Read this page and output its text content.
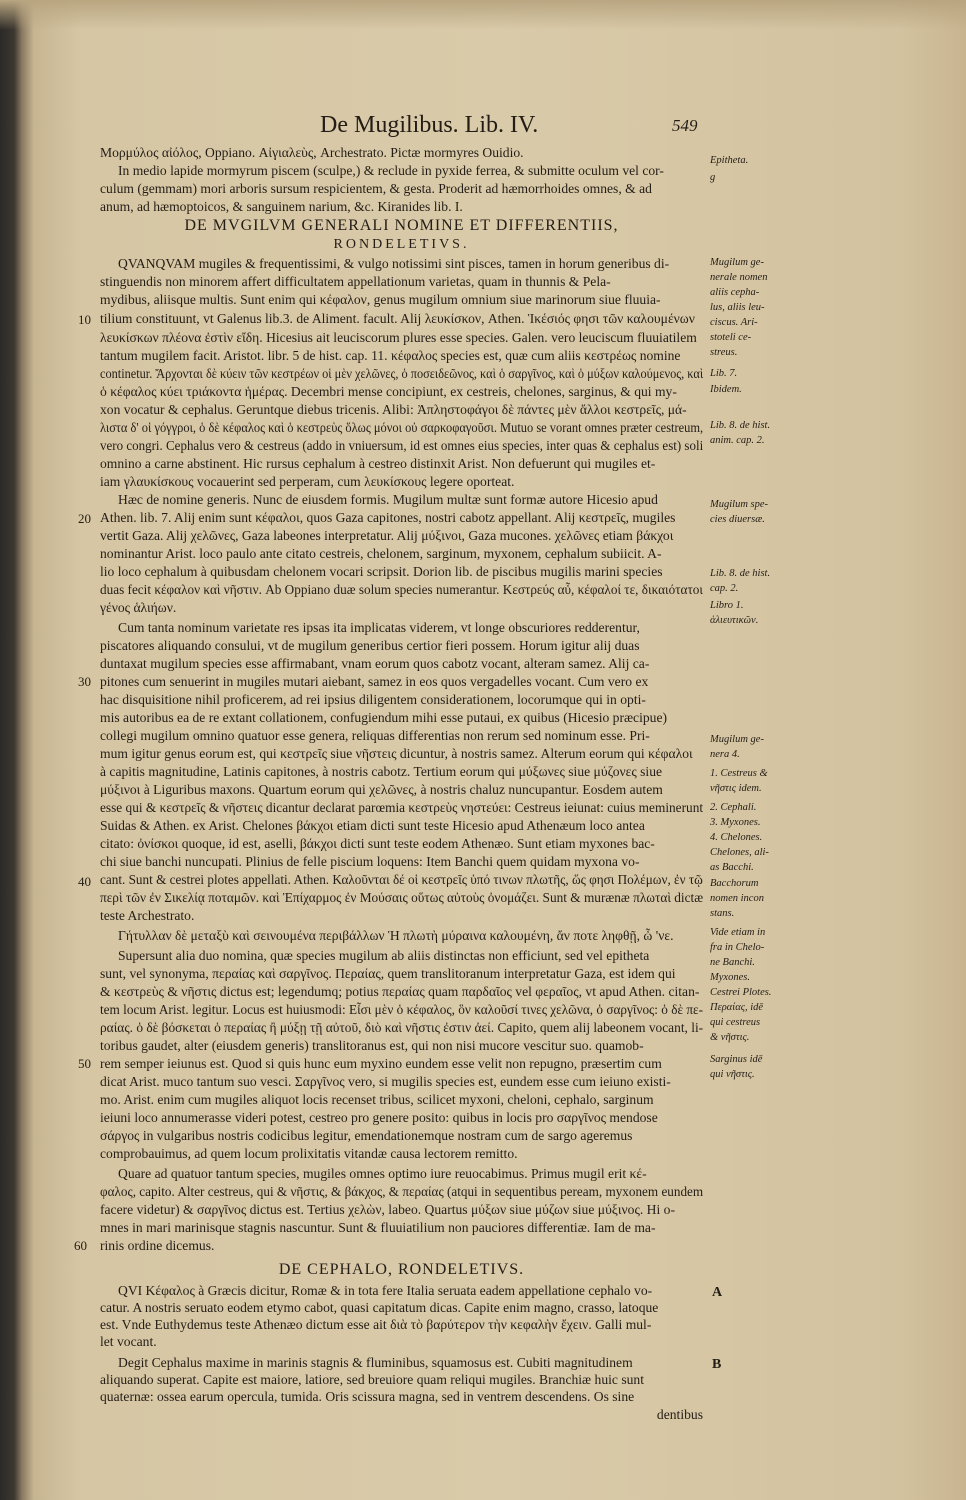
De Mugilibus. Lib. IV.	549
Μορμύλος αἰόλος, Oppiano. Αἰγιαλεὺς, Archestrato. Pictæ mormyres Ouidio.
In medio lapide mormyrum piscem (sculpe,) & reclude in pyxide ferrea, & submitte oculum vel cor-
culum (gemmam) mori arboris sursum respicientem, & gesta. Proderit ad hæmorrhoides omnes, & ad
anum, ad hæmoptoicos, & sanguinem narium, &c. Kiranides lib. I.
DE MVGILVM GENERALI NOMINE ET DIFFERENTIIS,
RONDELETIVS.
QVANQVAM mugiles & frequentissimi, & vulgo notissimi sint pisces, tamen in horum generibus di-
stinguendis non minorem affert difficultatem appellationum varietas, quam in thunnis & Pela-
mydibus, aliisque multis. Sunt enim qui κέφαλον, genus mugilum omnium siue marinorum siue fluuia-
tilium constituunt, vt Galenus lib.3. de Aliment. facult. Alij λευκίσκον, Athen. Ἱκέσιός φησι τῶν καλουμένων
λευκίσκων πλέονα ἐστὶν εἴδη. Hicesius ait leuciscorum plures esse species. Galen. vero leuciscum fluuiatilem
tantum mugilem facit. Aristot. libr. 5 de hist. cap. 11. κέφαλος species est, quæ cum aliis κεστρέως nomine
continetur. Ἄρχονται δὲ κύειν τῶν κεστρέων οἱ μὲν χελῶνες, ὁ ποσειδεῶνος, καὶ ὁ σαργῖνος, καὶ ὁ μύξων καλούμενος, καὶ
ὁ κέφαλος κύει τριάκοντα ἡμέρας. Decembri mense concipiunt, ex cestreis, chelones, sarginus, & qui my-
xon vocatur & cephalus. Geruntque diebus tricenis. Alibi: Ἀπληστοφάγοι δὲ πάντες μὲν ἄλλοι κεστρεῖς, μά-
λιστα δ' οἱ γόγγροι, ὁ δὲ κέφαλος καὶ ὁ κεστρεὺς ὅλως μόνοι οὐ σαρκοφαγοῦσι. Mutuo se vorant omnes præter cestreum,
vero congri. Cephalus vero & cestreus (addo in vniuersum, id est omnes eius species, inter quas & cephalus est) soli
omnino a carne abstinent. Hic rursus cephalum à cestreo distinxit Arist. Non defuerunt qui mugiles et-
iam γλαυκίσκους vocauerint sed perperam, cum λευκίσκους legere oporteat.
Hæc de nomine generis. Nunc de eiusdem formis. Mugilum multæ sunt formæ autore Hicesio apud
Athen. lib. 7. Alij enim sunt κέφαλοι, quos Gaza capitones, nostri cabotz appellant. Alij κεστρεῖς, mugiles
vertit Gaza. Alij χελῶνες, Gaza labeones interpretatur. Alij μύξινοι, Gaza mucones. χελῶνες etiam βάκχοι
nominantur Arist. loco paulo ante citato cestreis, chelonem, sarginum, myxonem, cephalum subiicit. A-
lio loco cephalum à quibusdam chelonem vocari scripsit. Dorion lib. de piscibus mugilis marini species
duas fecit κέφαλον καὶ νῆστιν. Ab Oppiano duæ solum species numerantur. Κεστρεύς αὖ, κέφαλοί τε, δικαιότατοι
γένος ἁλιήων.
Cum tanta nominum varietate res ipsas ita implicatas viderem, vt longe obscuriores redderentur,
piscatores aliquando consului, vt de mugilum generibus certior fieri possem. Horum igitur alij duas
duntaxat mugilum species esse affirmabant, vnam eorum quos cabotz vocant, alteram samez. Alij ca-
pitones cum senuerint in mugiles mutari aiebant, samez in eos quos vergadelles vocant. Cum vero ex
hac disquisitione nihil proficerem, ad rei ipsius diligentem considerationem, locorumque qui in opti-
mis autoribus ea de re extant collationem, confugiendum mihi esse putaui, ex quibus (Hicesio præcipue)
collegi mugilum omnino quatuor esse genera, reliquas differentias non rerum sed nominum esse. Pri-
mum igitur genus eorum est, qui κεστρεῖς siue νῆστεις dicuntur, à nostris samez. Alterum eorum qui κέφαλοι
à capitis magnitudine, Latinis capitones, à nostris cabotz. Tertium eorum qui μύξωνες siue μύζονες siue
μύξινοι à Liguribus maxons. Quartum eorum qui χελῶνες, à nostris chaluz nuncupantur. Eosdem autem
esse qui & κεστρεῖς & νῆστεις dicantur declarat parœmia κεστρεὺς νηστεύει: Cestreus ieiunat: cuius meminerunt
Suidas & Athen. ex Arist. Chelones βάκχοι etiam dicti sunt teste Hicesio apud Athenæum loco antea
citato: ὀνίσκοι quoque, id est, aselli, βάκχοι dicti sunt teste eodem Athenæo. Sunt etiam myxones bac-
chi siue banchi nuncupati. Plinius de felle piscium loquens: Item Banchi quem quidam myxona vo-
cant. Sunt & cestrei plotes appellati. Athen. Καλοῦνται δέ οἱ κεστρεῖς ὑπό τινων πλωτῆς, ὥς φησι Πολέμων, ἐν τῷ
περὶ τῶν ἐν Σικελίᾳ ποταμῶν. καὶ Ἐπίχαρμος ἐν Μούσαις οὕτως αὐτοὺς ὀνομάζει. Sunt & murænæ πλωταὶ dictæ
teste Archestrato.
Γήτυλλαν δὲ μεταξὺ καὶ σεινουμένα περιβάλλων Ἡ πλωτὴ μύραινα καλουμένη, ἄν ποτε ληφθῇ, ὦ 'νε.
Supersunt alia duo nomina, quæ species mugilum ab aliis distinctas non efficiunt, sed vel epitheta
sunt, vel synonyma, περαίας καὶ σαργῖνος. Περαίας, quem translitoranum interpretatur Gaza, est idem qui
& κεστρεὺς & νῆστις dictus est; legendumq; potius περαίας quam παρδαῖος vel φεραῖος, vt apud Athen. citan-
tem locum Arist. legitur. Locus est huiusmodi: Εἶσι μὲν ὁ κέφαλος, ὃν καλοῦσί τινες χελῶνα, ὁ σαργῖνος: ὁ δὲ πε-
ραίας. ὁ δὲ βόσκεται ὁ περαίας ἢ μύξῃ τῇ αὐτοῦ, διὸ καὶ νῆστις ἐστιν ἀεί. Capito, quem alij labeonem vocant, li-
toribus gaudet, alter (eiusdem generis) translitoranus est, qui non nisi mucore vescitur suo. quamob-
rem semper ieiunus est. Quod si quis hunc eum myxino eundem esse velit non repugno, præsertim cum
dicat Arist. muco tantum suo vesci. Σαργῖνος vero, si mugilis species est, eundem esse cum ieiuno existi-
mo. Arist. enim cum mugiles aliquot locis recenset tribus, scilicet myxoni, cheloni, cephalo, sarginum
ieiuni loco annumerasse videri potest, cestreo pro genere posito: quibus in locis pro σαργῖνος mendose
σάργος in vulgaribus nostris codicibus legitur, emendationemque nostram cum de sargo ageremus
comprobauimus, ad quem locum prolixitatis vitandæ causa lectorem remitto.
Quare ad quatuor tantum species, mugiles omnes optimo iure reuocabimus. Primus mugil erit κέ-
φαλος, capito. Alter cestreus, qui & νῆστις, & βάκχος, & περαίας (atqui in sequentibus peream, myxonem eundem
facere videtur) & σαργῖνος dictus est. Tertius χελὼν, labeo. Quartus μύξων siue μύζων siue μύξινος. Hi o-
mnes in mari marinisque stagnis nascuntur. Sunt & fluuiatilium non pauciores differentiæ. Iam de ma-
rinis ordine dicemus.
DE CEPHALO, RONDELETIVS.
QVI Κέφαλος à Græcis dicitur, Romæ & in tota fere Italia seruata eadem appellatione cephalo vo-
catur. A nostris seruato eodem etymo cabot, quasi capitatum dicas. Capite enim magno, crasso, latoque
est. Vnde Euthydemus teste Athenæo dictum esse ait διὰ τὸ βαρύτερον τὴν κεφαλὴν ἔχειν. Galli mul-
let vocant.
Degit Cephalus maxime in marinis stagnis & fluminibus, squamosus est. Cubiti magnitudinem
aliquando superat. Capite est maiore, latiore, sed breuiore quam reliqui mugiles. Branchiæ huic sunt
quaternæ: ossea earum opercula, tumida. Oris scissura magna, sed in ventrem descendens. Os sine
dentibus
10
20
30
40
50
60
Epitheta.
g
Mugilum ge-
nerale nomen
aliis cepha-
lus, aliis leu-
ciscus. Ari-
stoteli ce-
streus.
Lib. 7.
Ibidem.
Lib. 8. de hist.
anim. cap. 2.
Mugilum spe-
cies diuersæ.
Lib. 8. de hist.
cap. 2.
Libro 1.
ἁλιευτικῶν.
Mugilum ge-
nera 4.
1. Cestreus &
νῆστις idem.
2. Cephali.
3. Myxones.
4. Chelones.
Chelones, ali-
as Bacchi.
Bacchorum
nomen incon
stans.
Vide etiam in
fra in Chelo-
ne Banchi.
Myxones.
Cestrei Plotes.
Περαίας, idē
qui cestreus
& νῆστις.
Sarginus idē
qui νῆστις.
A
B
